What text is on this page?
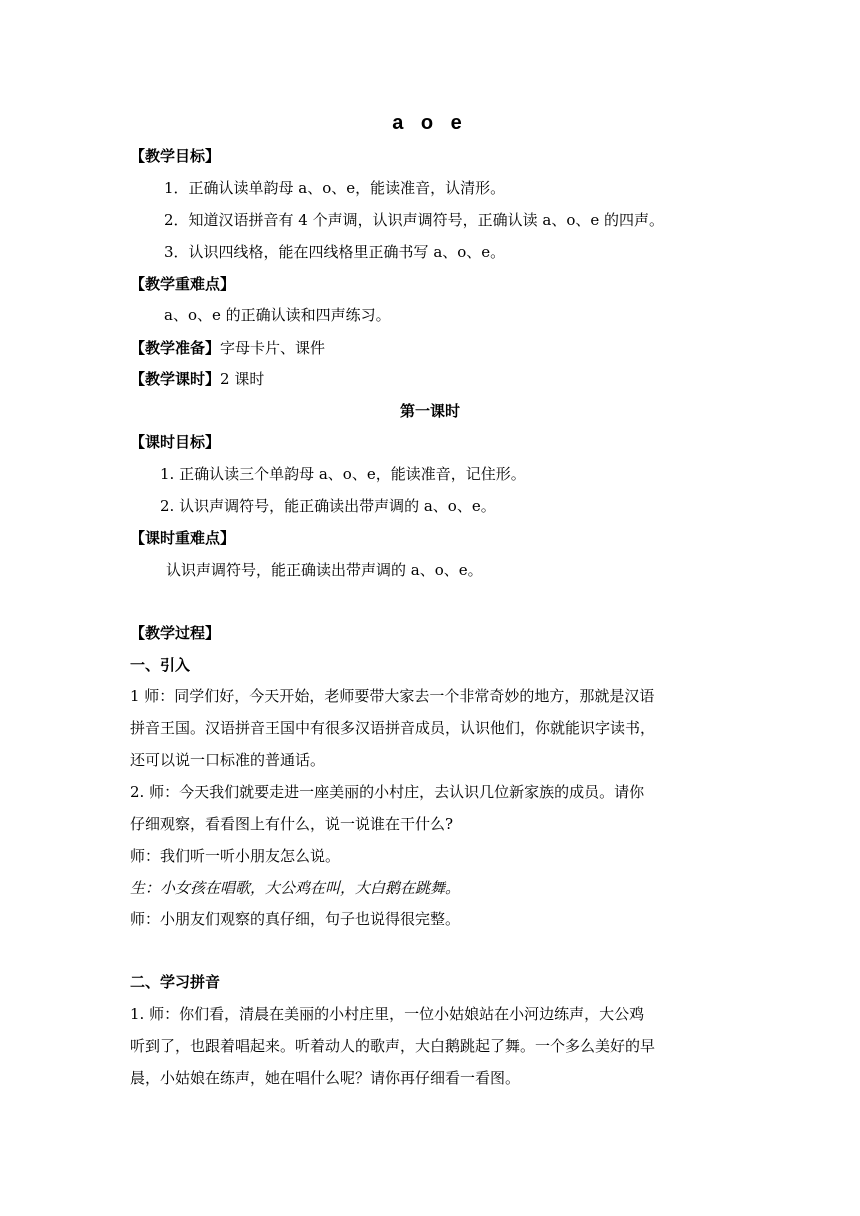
a o e
【教学目标】
1．正确认读单韵母 a、o、e，能读准音，认清形。
2．知道汉语拼音有 4 个声调，认识声调符号，正确认读 a、o、e 的四声。
3．认识四线格，能在四线格里正确书写 a、o、e。
【教学重难点】
a、o、e 的正确认读和四声练习。
【教学准备】字母卡片、课件
【教学课时】2 课时
第一课时
【课时目标】
1. 正确认读三个单韵母 a、o、e，能读准音，记住形。
2. 认识声调符号，能正确读出带声调的 a、o、e。
【课时重难点】
认识声调符号，能正确读出带声调的 a、o、e。
【教学过程】
一、引入
1 师：同学们好，今天开始，老师要带大家去一个非常奇妙的地方，那就是汉语
拼音王国。汉语拼音王国中有很多汉语拼音成员，认识他们，你就能识字读书，
还可以说一口标准的普通话。
2. 师：今天我们就要走进一座美丽的小村庄，去认识几位新家族的成员。请你
仔细观察，看看图上有什么，说一说谁在干什么?
师：我们听一听小朋友怎么说。
生：小女孩在唱歌，大公鸡在叫，大白鹅在跳舞。
师：小朋友们观察的真仔细，句子也说得很完整。
二、学习拼音
1. 师：你们看，清晨在美丽的小村庄里，一位小姑娘站在小河边练声，大公鸡
听到了，也跟着唱起来。听着动人的歌声，大白鹅跳起了舞。一个多么美好的早
晨，小姑娘在练声，她在唱什么呢？请你再仔细看一看图。
